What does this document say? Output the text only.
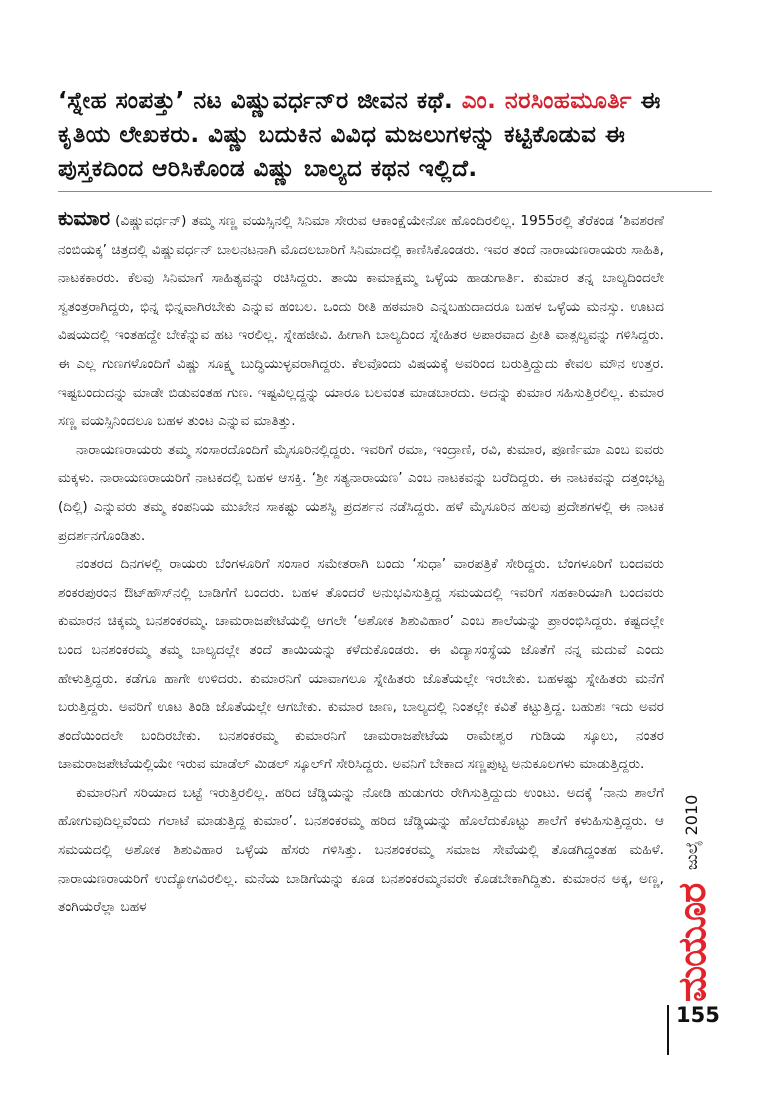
‘ಸ್ನೇಹ ಸಂಪತ್ತು’ ನಟ ವಿಷ್ಣುವರ್ಧನ್‌ರ ಜೀವನ ಕಥೆ. ಎಂ. ನರಸಿಂಹಮೂರ್ತಿ ಈ ಕೃತಿಯ ಲೇಖಕರು. ವಿಷ್ಣು ಬದುಕಿನ ವಿವಿಧ ಮಜಲುಗಳನ್ನು ಕಟ್ಟಿಕೊಡುವ ಈ ಪುಸ್ತಕದಿಂದ ಆರಿಸಿಕೊಂಡ ವಿಷ್ಣು ಬಾಲ್ಯದ ಕಥನ ಇಲ್ಲಿದೆ.

ಕುಮಾರ (ವಿಷ್ಣುವರ್ಧನ್) ತಮ್ಮ ಸಣ್ಣ ವಯಸ್ಸಿನಲ್ಲಿ ಸಿನಿಮಾ ಸೇರುವ ಆಕಾಂಕ್ಷೆಯೇನೋ ಹೊಂದಿರಲಿಲ್ಲ. 1955ರಲ್ಲಿ ತೆರೆಕಂಡ ‘ಶಿವಶರಣೆ ನಂಬಿಯಕ್ಕ’ ಚಿತ್ರದಲ್ಲಿ ವಿಷ್ಣುವರ್ಧನ್ ಬಾಲನಟನಾಗಿ ಮೊದಲಬಾರಿಗೆ ಸಿನಿಮಾದಲ್ಲಿ ಕಾಣಿಸಿಕೊಂಡರು. ಇವರ ತಂದೆ ನಾರಾಯಣರಾಯರು ಸಾಹಿತಿ, ನಾಟಕಕಾರರು. ಕೆಲವು ಸಿನಿಮಾಗೆ ಸಾಹಿತ್ಯವನ್ನು ರಚಿಸಿದ್ದರು. ತಾಯಿ ಕಾಮಾಕ್ಷಮ್ಮ ಒಳ್ಳೆಯ ಹಾಡುಗಾರ್ತಿ. ಕುಮಾರ ತನ್ನ ಬಾಲ್ಯದಿಂದಲೇ ಸ್ವತಂತ್ರರಾಗಿದ್ದರು, ಭಿನ್ನ ಭಿನ್ನವಾಗಿರಬೇಕು ಎನ್ನುವ ಹಂಬಲ. ಒಂದು ರೀತಿ ಹಠಮಾರಿ ಎನ್ನಬಹುದಾದರೂ ಬಹಳ ಒಳ್ಳೆಯ ಮನಸ್ಸು. ಊಟದ ವಿಷಯದಲ್ಲಿ ಇಂತಹದ್ದೇ ಬೇಕೆನ್ನುವ ಹಟ ಇರಲಿಲ್ಲ. ಸ್ನೇಹಜೀವಿ. ಹೀಗಾಗಿ ಬಾಲ್ಯದಿಂದ ಸ್ನೇಹಿತರ ಅಪಾರವಾದ ಪ್ರೀತಿ ವಾತ್ಸಲ್ಯವನ್ನು ಗಳಿಸಿದ್ದರು. ಈ ಎಲ್ಲ ಗುಣಗಳೊಂದಿಗೆ ವಿಷ್ಣು ಸೂಕ್ಷ್ಮ ಬುದ್ಧಿಯುಳ್ಳವರಾಗಿದ್ದರು. ಕೆಲವೊಂದು ವಿಷಯಕ್ಕೆ ಅವರಿಂದ ಬರುತ್ತಿದ್ದುದು ಕೇವಲ ಮೌನ ಉತ್ತರ. ಇಷ್ಟಬಂದುದನ್ನು ಮಾಡೇ ಬಿಡುವಂತಹ ಗುಣ. ಇಷ್ಟವಿಲ್ಲದ್ದನ್ನು ಯಾರೂ ಬಲವಂತ ಮಾಡಬಾರದು. ಅದನ್ನು ಕುಮಾರ ಸಹಿಸುತ್ತಿರಲಿಲ್ಲ. ಕುಮಾರ ಸಣ್ಣ ವಯಸ್ಸಿನಿಂದಲೂ ಬಹಳ ತುಂಟ ಎನ್ನುವ ಮಾತಿತ್ತು.

ನಾರಾಯಣರಾಯರು ತಮ್ಮ ಸಂಸಾರದೊಂದಿಗೆ ಮೈಸೂರಿನಲ್ಲಿದ್ದರು. ಇವರಿಗೆ ರಮಾ, ಇಂದ್ರಾಣಿ, ರವಿ, ಕುಮಾರ, ಪೂರ್ಣಿಮಾ ಎಂಬ ಐವರು ಮಕ್ಕಳು. ನಾರಾಯಣರಾಯರಿಗೆ ನಾಟಕದಲ್ಲಿ ಬಹಳ ಆಸಕ್ತಿ. ‘ಶ್ರೀ ಸತ್ಯನಾರಾಯಣ’ ಎಂಬ ನಾಟಕವನ್ನು ಬರೆದಿದ್ದರು. ಈ ನಾಟಕವನ್ನು ದತ್ತಂಭಟ್ಟ (ದಿಲ್ಲಿ) ಎನ್ನುವರು ತಮ್ಮ ಕಂಪನಿಯ ಮುಖೇನ ಸಾಕಷ್ಟು ಯಶಸ್ವಿ ಪ್ರದರ್ಶನ ನಡೆಸಿದ್ದರು. ಹಳೆ ಮೈಸೂರಿನ ಹಲವು ಪ್ರದೇಶಗಳಲ್ಲಿ ಈ ನಾಟಕ ಪ್ರದರ್ಶನಗೊಂಡಿತು.

ನಂತರದ ದಿನಗಳಲ್ಲಿ ರಾಯರು ಬೆಂಗಳೂರಿಗೆ ಸಂಸಾರ ಸಮೇತರಾಗಿ ಬಂದು ‘ಸುಧಾ’ ವಾರಪತ್ರಿಕೆ ಸೇರಿದ್ದರು. ಬೆಂಗಳೂರಿಗೆ ಬಂದವರು ಶಂಕರಪುರಂನ ಔಟ್‌ಹೌಸ್‌ನಲ್ಲಿ ಬಾಡಿಗೆಗೆ ಬಂದರು. ಬಹಳ ತೊಂದರೆ ಅನುಭವಿಸುತ್ತಿದ್ದ ಸಮಯದಲ್ಲಿ ಇವರಿಗೆ ಸಹಕಾರಿಯಾಗಿ ಬಂದವರು ಕುಮಾರನ ಚಿಕ್ಕಮ್ಮ ಬನಶಂಕರಮ್ಮ. ಚಾಮರಾಜಪೇಟೆಯಲ್ಲಿ ಆಗಲೇ ‘ಅಶೋಕ ಶಿಶುವಿಹಾರ’ ಎಂಬ ಶಾಲೆಯನ್ನು ಪ್ರಾರಂಭಿಸಿದ್ದರು. ಕಷ್ಟದಲ್ಲೇ ಬಂದ ಬನಶಂಕರಮ್ಮ ತಮ್ಮ ಬಾಲ್ಯದಲ್ಲೇ ತಂದೆ ತಾಯಿಯನ್ನು ಕಳೆದುಕೊಂಡರು. ಈ ವಿದ್ಯಾಸಂಸ್ಥೆಯ ಜೊತೆಗೆ ನನ್ನ ಮದುವೆ ಎಂದು ಹೇಳುತ್ತಿದ್ದರು. ಕಡೆಗೂ ಹಾಗೇ ಉಳಿದರು. ಕುಮಾರನಿಗೆ ಯಾವಾಗಲೂ ಸ್ನೇಹಿತರು ಜೊತೆಯಲ್ಲೇ ಇರಬೇಕು. ಬಹಳಷ್ಟು ಸ್ನೇಹಿತರು ಮನೆಗೆ ಬರುತ್ತಿದ್ದರು. ಅವರಿಗೆ ಊಟ ತಿಂಡಿ ಜೊತೆಯಲ್ಲೇ ಆಗಬೇಕು. ಕುಮಾರ ಜಾಣ, ಬಾಲ್ಯದಲ್ಲಿ ನಿಂತಲ್ಲೇ ಕವಿತೆ ಕಟ್ಟುತ್ತಿದ್ದ. ಬಹುಶಃ ಇದು ಅವರ ತಂದೆಯಿಂದಲೇ ಬಂದಿರಬೇಕು. ಬನಶಂಕರಮ್ಮ ಕುಮಾರನಿಗೆ ಚಾಮರಾಜಪೇಟೆಯ ರಾಮೇಶ್ವರ ಗುಡಿಯ ಸ್ಕೂಲು, ನಂತರ ಚಾಮರಾಜಪೇಟೆಯಲ್ಲಿಯೇ ಇರುವ ಮಾಡೆಲ್ ಮಿಡಲ್ ಸ್ಕೂಲ್‌ಗೆ ಸೇರಿಸಿದ್ದರು. ಅವನಿಗೆ ಬೇಕಾದ ಸಣ್ಣಪುಟ್ಟ ಅನುಕೂಲಗಳು ಮಾಡುತ್ತಿದ್ದರು.

ಕುಮಾರನಿಗೆ ಸರಿಯಾದ ಬಟ್ಟೆ ಇರುತ್ತಿರಲಿಲ್ಲ. ಹರಿದ ಚೆಡ್ಡಿಯನ್ನು ನೋಡಿ ಹುಡುಗರು ರೇಗಿಸುತ್ತಿದ್ದುದು ಉಂಟು. ಅದಕ್ಕೆ ‘ನಾನು ಶಾಲೆಗೆ ಹೋಗುವುದಿಲ್ಲವೆಂದು ಗಲಾಟೆ ಮಾಡುತ್ತಿದ್ದ ಕುಮಾರ’. ಬನಶಂಕರಮ್ಮ ಹರಿದ ಚೆಡ್ಡಿಯನ್ನು ಹೊಲೆದುಕೊಟ್ಟು ಶಾಲೆಗೆ ಕಳುಹಿಸುತ್ತಿದ್ದರು. ಆ ಸಮಯದಲ್ಲಿ ಅಶೋಕ ಶಿಶುವಿಹಾರ ಒಳ್ಳೆಯ ಹೆಸರು ಗಳಿಸಿತ್ತು. ಬನಶಂಕರಮ್ಮ ಸಮಾಜ ಸೇವೆಯಲ್ಲಿ ತೊಡಗಿದ್ದಂತಹ ಮಹಿಳೆ. ನಾರಾಯಣರಾಯರಿಗೆ ಉದ್ಯೋಗವಿರಲಿಲ್ಲ. ಮನೆಯ ಬಾಡಿಗೆಯನ್ನು ಕೂಡ ಬನಶಂಕರಮ್ಮನವರೇ ಕೊಡಬೇಕಾಗಿದ್ದಿತು. ಕುಮಾರನ ಅಕ್ಕ, ಅಣ್ಣ, ತಂಗಿಯರೆಲ್ಲಾ ಬಹಳ

ಜುಲೈ 2010
ಮಯೂರ
155
